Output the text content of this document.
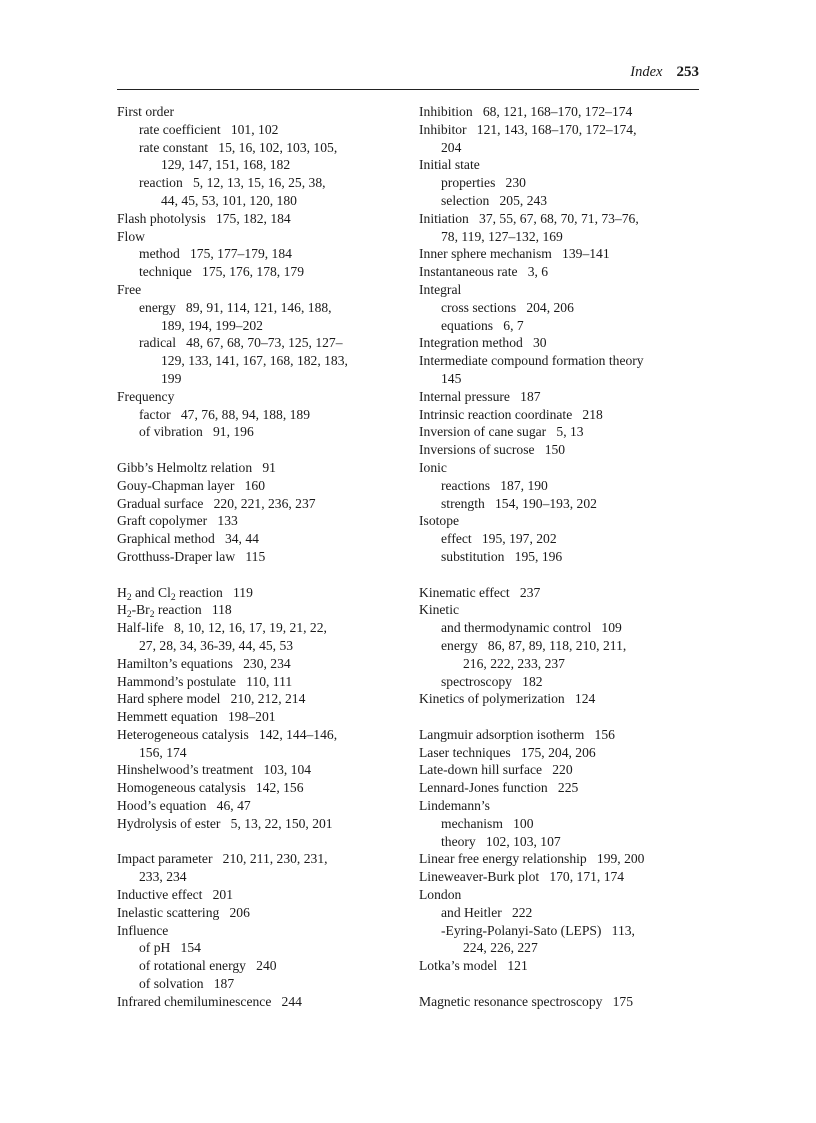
Index 253
First order
rate coefficient   101, 102
rate constant   15, 16, 102, 103, 105,
129, 147, 151, 168, 182
reaction   5, 12, 13, 15, 16, 25, 38,
44, 45, 53, 101, 120, 180
Flash photolysis   175, 182, 184
Flow
method   175, 177–179, 184
technique   175, 176, 178, 179
Free
energy   89, 91, 114, 121, 146, 188,
189, 194, 199–202
radical   48, 67, 68, 70–73, 125, 127–
129, 133, 141, 167, 168, 182, 183,
199
Frequency
factor   47, 76, 88, 94, 188, 189
of vibration   91, 196
Gibb’s Helmoltz relation   91
Gouy-Chapman layer   160
Gradual surface   220, 221, 236, 237
Graft copolymer   133
Graphical method   34, 44
Grotthuss-Draper law   115
$H_2$ and $Cl_2$ reaction   119
$H_2-Br_2$ reaction   118
Half-life   8, 10, 12, 16, 17, 19, 21, 22,
27, 28, 34, 36-39, 44, 45, 53
Hamilton’s equations   230, 234
Hammond’s postulate   110, 111
Hard sphere model   210, 212, 214
Hemmett equation   198–201
Heterogeneous catalysis   142, 144–146,
156, 174
Hinshelwood’s treatment   103, 104
Homogeneous catalysis   142, 156
Hood’s equation   46, 47
Hydrolysis of ester   5, 13, 22, 150, 201
Impact parameter   210, 211, 230, 231,
233, 234
Inductive effect   201
Inelastic scattering   206
Influence
of pH   154
of rotational energy   240
of solvation   187
Infrared chemiluminescence   244
Inhibition   68, 121, 168–170, 172–174
Inhibitor   121, 143, 168–170, 172–174,
204
Initial state
properties   230
selection   205, 243
Initiation   37, 55, 67, 68, 70, 71, 73–76,
78, 119, 127–132, 169
Inner sphere mechanism   139–141
Instantaneous rate   3, 6
Integral
cross sections   204, 206
equations   6, 7
Integration method   30
Intermediate compound formation theory
145
Internal pressure   187
Intrinsic reaction coordinate   218
Inversion of cane sugar   5, 13
Inversions of sucrose   150
Ionic
reactions   187, 190
strength   154, 190–193, 202
Isotope
effect   195, 197, 202
substitution   195, 196
Kinematic effect   237
Kinetic
and thermodynamic control   109
energy   86, 87, 89, 118, 210, 211,
216, 222, 233, 237
spectroscopy   182
Kinetics of polymerization   124
Langmuir adsorption isotherm   156
Laser techniques   175, 204, 206
Late-down hill surface   220
Lennard-Jones function   225
Lindemann’s
mechanism   100
theory   102, 103, 107
Linear free energy relationship   199, 200
Lineweaver-Burk plot   170, 171, 174
London
and Heitler   222
-Eyring-Polanyi-Sato (LEPS)   113,
224, 226, 227
Lotka’s model   121
Magnetic resonance spectroscopy   175
